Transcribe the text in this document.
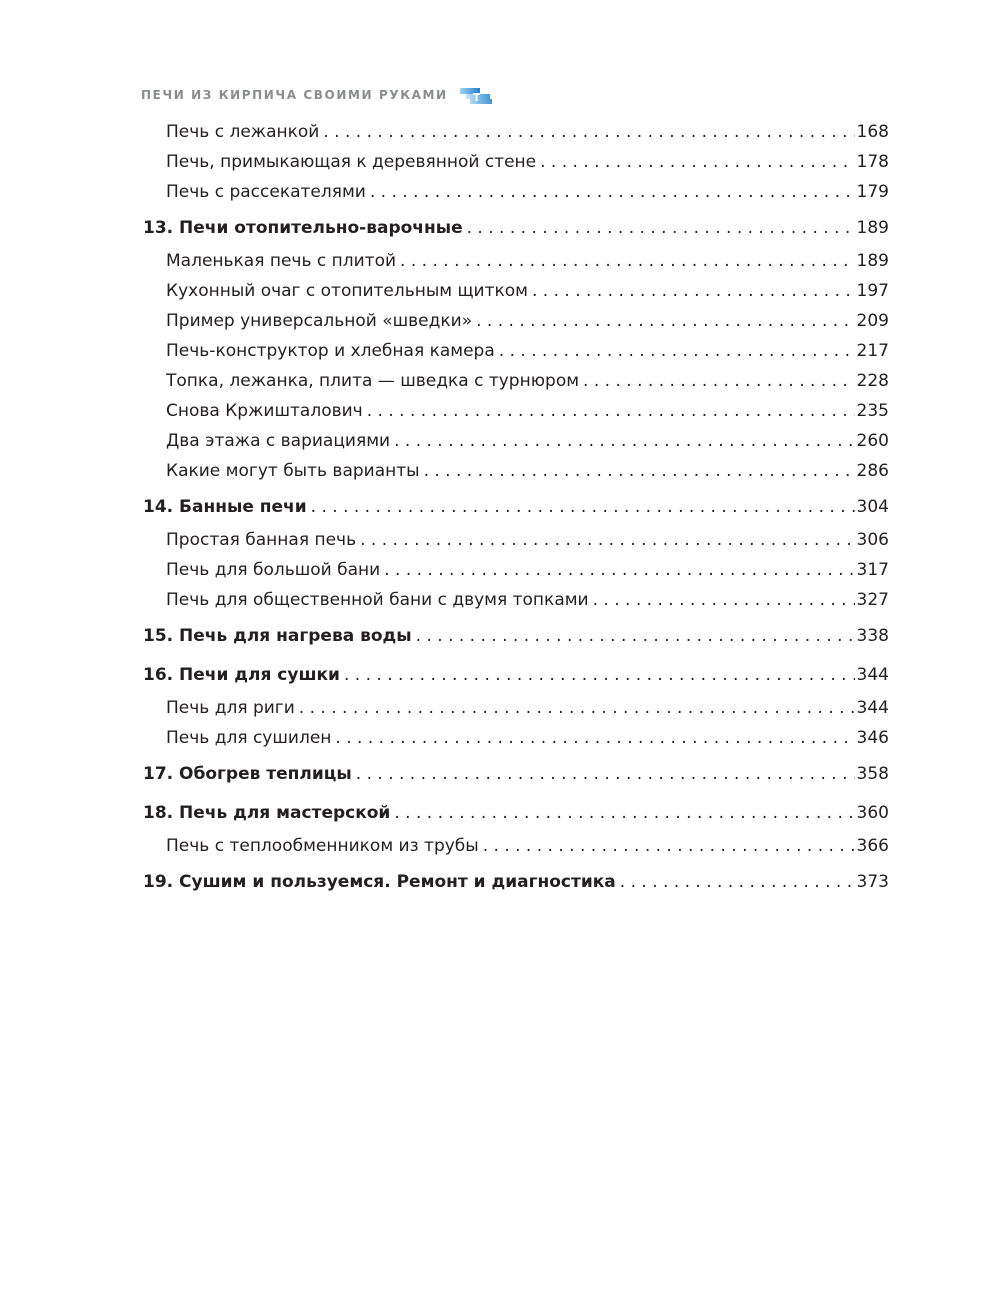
ПЕЧИ ИЗ КИРПИЧА СВОИМИ РУКАМИ
Печь с лежанкой . . .	168
Печь, примыкающая к деревянной стене . . .	178
Печь с рассекателями . . .	179
13. Печи отопительно-варочные . . .	189
Маленькая печь с плитой . . .	189
Кухонный очаг с отопительным щитком . . .	197
Пример универсальной «шведки» . . .	209
Печь-конструктор и хлебная камера . . .	217
Топка, лежанка, плита — шведка с турнюром . . .	228
Снова Кржишталович . . .	235
Два этажа с вариациями . . .	260
Какие могут быть варианты . . .	286
14. Банные печи . . .	304
Простая банная печь . . .	306
Печь для большой бани . . .	317
Печь для общественной бани с двумя топками . . .	327
15. Печь для нагрева воды . . .	338
16. Печи для сушки . . .	344
Печь для риги . . .	344
Печь для сушилен . . .	346
17. Обогрев теплицы . . .	358
18. Печь для мастерской . . .	360
Печь с теплообменником из трубы . . .	366
19. Сушим и пользуемся. Ремонт и диагностика . . .	373
